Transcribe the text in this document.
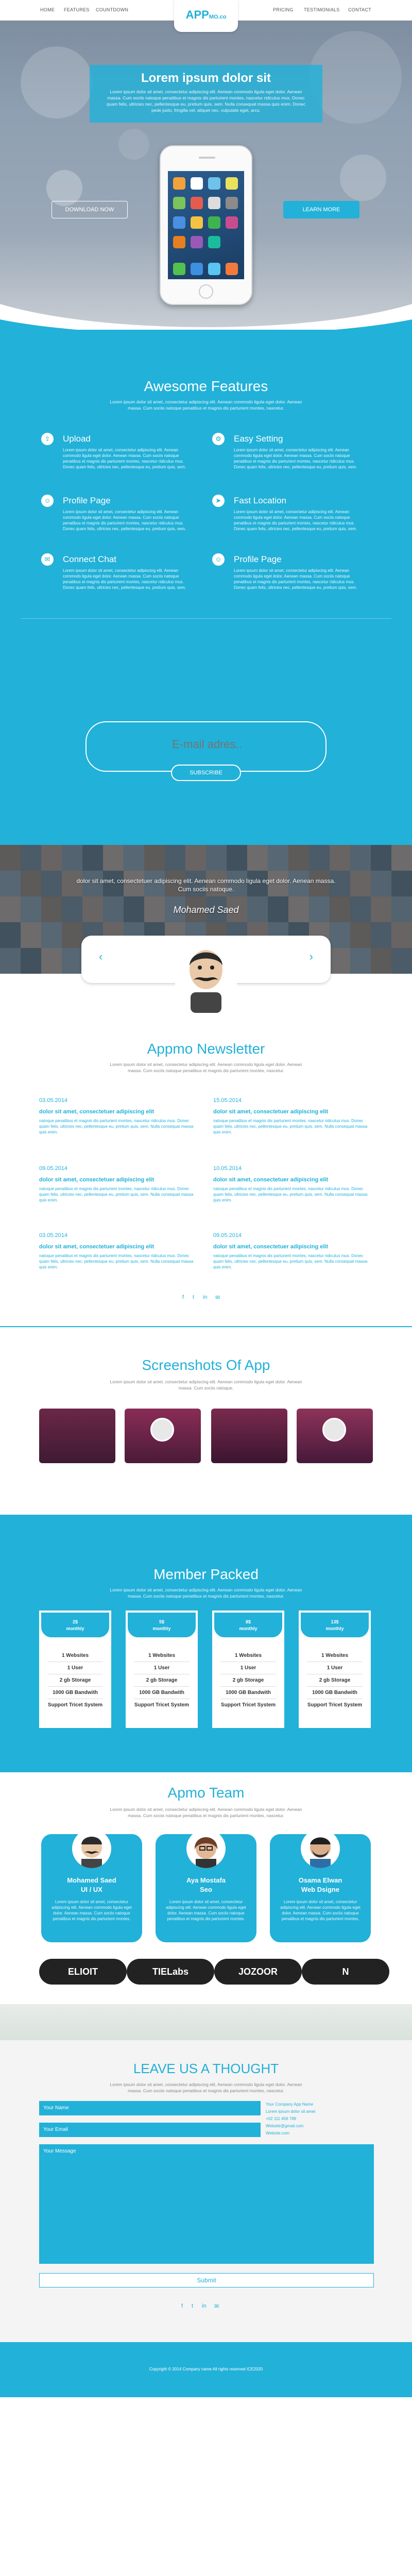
HOME FEATURES COUNTDOWN	PRICING TESTIMONIALS CONTACT
APPMO.co
Lorem ipsum dolor sit
Lorem ipsum dolor sit amet, consectetur adipiscing elit. Aenean commodo ligula eget dolor. Aenean massa. Cum sociis natoque penatibus et magnis dis parturient montes, nascetur ridiculus mus. Donec quam felis, ultricies nec, pellentesque eu, pretium quis, sem. Nulla consequat massa quis enim. Donec pede justo, fringilla vel, aliquet nec, vulputate eget, arcu.
DOWNLOAD NOW	LEARN MORE
Awesome Features
Lorem ipsum dolor sit amet, consectetur adipiscing elit. Aenean commodo ligula eget dolor. Aenean massa. Cum sociis natoque penatibus et magnis dis parturient montes, nascetur.
⇪	Upload
Lorem ipsum dolor sit amet, consectetur adipiscing elit. Aenean commodo ligula eget dolor. Aenean massa. Cum sociis natoque penatibus et magnis dis parturient montes, nascetur ridiculus mus. Donec quam felis, ultricies nec, pellentesque eu, pretium quis, sem.
⚙	Easy Setting
Lorem ipsum dolor sit amet, consectetur adipiscing elit. Aenean commodo ligula eget dolor. Aenean massa. Cum sociis natoque penatibus et magnis dis parturient montes, nascetur ridiculus mus. Donec quam felis, ultricies nec, pellentesque eu, pretium quis, sem.
☺	Profile Page
Lorem ipsum dolor sit amet, consectetur adipiscing elit. Aenean commodo ligula eget dolor. Aenean massa. Cum sociis natoque penatibus et magnis dis parturient montes, nascetur ridiculus mus. Donec quam felis, ultricies nec, pellentesque eu, pretium quis, sem.
➤	Fast Location
Lorem ipsum dolor sit amet, consectetur adipiscing elit. Aenean commodo ligula eget dolor. Aenean massa. Cum sociis natoque penatibus et magnis dis parturient montes, nascetur ridiculus mus. Donec quam felis, ultricies nec, pellentesque eu, pretium quis, sem.
✉	Connect Chat
Lorem ipsum dolor sit amet, consectetur adipiscing elit. Aenean commodo ligula eget dolor. Aenean massa. Cum sociis natoque penatibus et magnis dis parturient montes, nascetur ridiculus mus. Donec quam felis, ultricies nec, pellentesque eu, pretium quis, sem.
☺	Profile Page
Lorem ipsum dolor sit amet, consectetur adipiscing elit. Aenean commodo ligula eget dolor. Aenean massa. Cum sociis natoque penatibus et magnis dis parturient montes, nascetur ridiculus mus. Donec quam felis, ultricies nec, pellentesque eu, pretium quis, sem.
E-mail adres..
SUBSCRIBE
dolor sit amet, consectetuer adipiscing elit. Aenean commodo ligula eget dolor. Aenean massa. Cum sociis natoque.
Mohamed Saed
‹	›
Appmo Newsletter
Lorem ipsum dolor sit amet, consectetur adipiscing elit. Aenean commodo ligula eget dolor. Aenean massa. Cum sociis natoque penatibus et magnis dis parturient montes, nascetur.
03.05.2014
dolor sit amet, consectetuer adipiscing elit
natoque penatibus et magnis dis parturient montes, nascetur ridiculus mus. Donec quam felis, ultricies nec, pellentesque eu, pretium quis, sem. Nulla consequat massa quis enim.
15.05.2014
dolor sit amet, consectetuer adipiscing elit
natoque penatibus et magnis dis parturient montes, nascetur ridiculus mus. Donec quam felis, ultricies nec, pellentesque eu, pretium quis, sem. Nulla consequat massa quis enim.
09.05.2014
dolor sit amet, consectetuer adipiscing elit
natoque penatibus et magnis dis parturient montes, nascetur ridiculus mus. Donec quam felis, ultricies nec, pellentesque eu, pretium quis, sem. Nulla consequat massa quis enim.
10.05.2014
dolor sit amet, consectetuer adipiscing elit
natoque penatibus et magnis dis parturient montes, nascetur ridiculus mus. Donec quam felis, ultricies nec, pellentesque eu, pretium quis, sem. Nulla consequat massa quis enim.
03.05.2014
dolor sit amet, consectetuer adipiscing elit
natoque penatibus et magnis dis parturient montes, nascetur ridiculus mus. Donec quam felis, ultricies nec, pellentesque eu, pretium quis, sem. Nulla consequat massa quis enim.
09.05.2014
dolor sit amet, consectetuer adipiscing elit
natoque penatibus et magnis dis parturient montes, nascetur ridiculus mus. Donec quam felis, ultricies nec, pellentesque eu, pretium quis, sem. Nulla consequat massa quis enim.
f t in ✉
Screenshots Of App
Lorem ipsum dolor sit amet, consectetur adipiscing elit. Aenean commodo ligula eget dolor. Aenean massa. Cum sociis natoque.
Member Packed
Lorem ipsum dolor sit amet, consectetur adipiscing elit. Aenean commodo ligula eget dolor. Aenean massa. Cum sociis natoque penatibus et magnis dis parturient montes, nascetur.
2$
monthly
1 Websites
1 User
2 gb Storage
1000 GB Bandwith
Support Tricet System
5$
monthly
1 Websites
1 User
2 gb Storage
1000 GB Bandwith
Support Tricet System
8$
monthly
1 Websites
1 User
2 gb Storage
1000 GB Bandwith
Support Tricet System
13$
monthly
1 Websites
1 User
2 gb Storage
1000 GB Bandwith
Support Tricet System
Apmo Team
Lorem ipsum dolor sit amet, consectetur adipiscing elit. Aenean commodo ligula eget dolor. Aenean massa. Cum sociis natoque penatibus et magnis dis parturient montes, nascetur.
Mohamed Saed
UI / UX
Lorem ipsum dolor sit amet, consectetur adipiscing elit. Aenean commodo ligula eget dolor. Aenean massa. Cum sociis natoque penatibus et magnis dis parturient montes.
Aya Mostafa
Seo
Lorem ipsum dolor sit amet, consectetur adipiscing elit. Aenean commodo ligula eget dolor. Aenean massa. Cum sociis natoque penatibus et magnis dis parturient montes.
Osama Elwan
Web Dsigne
Lorem ipsum dolor sit amet, consectetur adipiscing elit. Aenean commodo ligula eget dolor. Aenean massa. Cum sociis natoque penatibus et magnis dis parturient montes.
ELIOIT	TIELabs	JOZOOR	N
LEAVE US A THOUGHT
Lorem ipsum dolor sit amet, consectetur adipiscing elit. Aenean commodo ligula eget dolor. Aenean massa. Cum sociis natoque penatibus et magnis dis parturient montes, nascetur.
Your Name
Your Email
Your Message
Your Company App Name
Lorem ipsum dolor sit amet
+02 111 456 789
Website@gmail.com
Website.com
Submit
f t in ✉
Copyright © 2014 Company name All rights reserved ICE2020
